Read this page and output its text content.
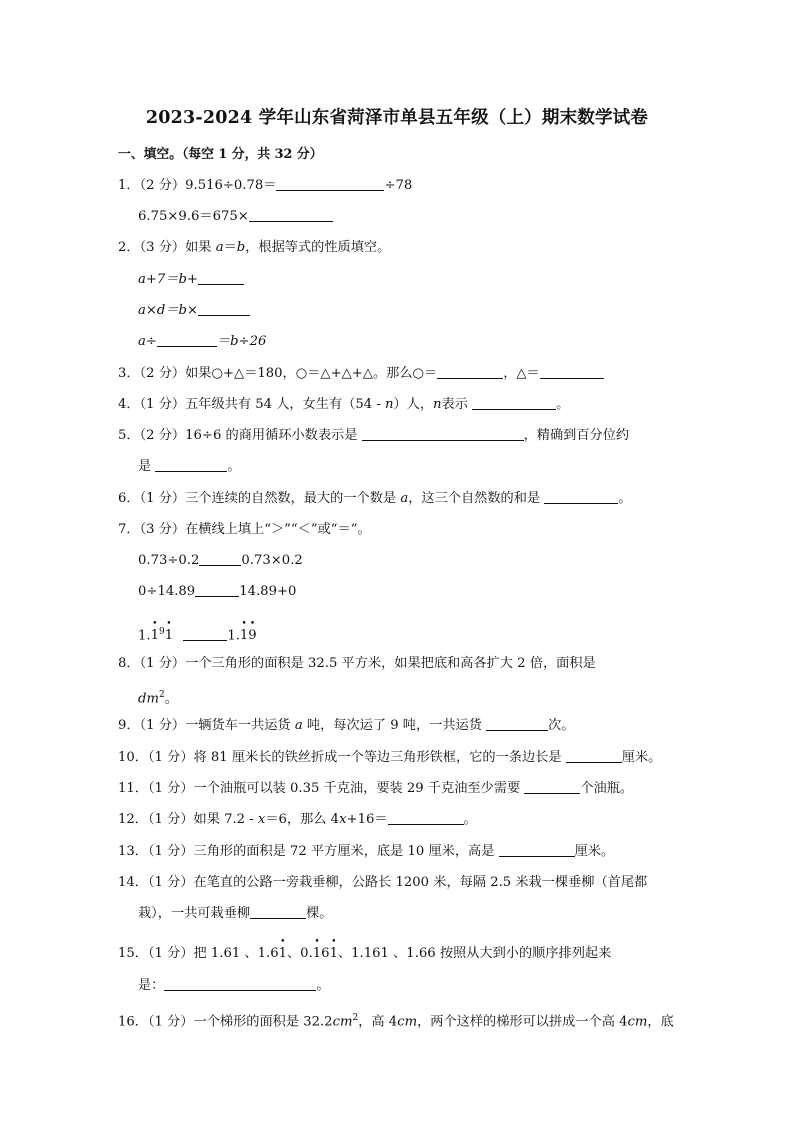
2023-2024 学年山东省菏泽市单县五年级（上）期末数学试卷
一、填空。（每空 1 分，共 32 分）
1．（2 分）9.516÷0.78＝	÷78
6.75×9.6＝675×
2．（3 分）如果 a＝b，根据等式的性质填空。
a+7＝b+
a×d＝b×
a÷	＝b÷26
3．（2 分）如果○+△＝180，○＝△+△+△。那么○＝	，△＝
4．（1 分）五年级共有 54 人，女生有（54 - n）人，n表示	。
5．（2 分）16÷6 的商用循环小数表示是	，精确到百分位约
是	。
6．（1 分）三个连续的自然数，最大的一个数是 a，这三个自然数的和是	。
7．（3 分）在横线上填上“＞”“＜”或“＝”。
0.73÷0.2	0.73×0.2
0÷14.89	14.89+0
1.• $1^9•$ 1	1.• 1• 9
8．（1 分）一个三角形的面积是 32.5 平方米，如果把底和高各扩大 2 倍，面积是
$dm^2$。
9．（1 分）一辆货车一共运货 a 吨，每次运了 9 吨，一共运货	次。
10．（1 分）将 81 厘米长的铁丝折成一个等边三角形铁框，它的一条边长是	厘米。
11．（1 分）一个油瓶可以装 0.35 千克油，要装 29 千克油至少需要	个油瓶。
12．（1 分）如果 7.2 - x＝6，那么 4x+16＝	。
13．（1 分）三角形的面积是 72 平方厘米，底是 10 厘米，高是	厘米。
14．（1 分）在笔直的公路一旁栽垂柳，公路长 1200 米，每隔 2.5 米栽一棵垂柳（首尾都
栽），一共可栽垂柳	棵。
15．（1 分）把 1.61 、1.6• 1、0.• 16• 1、1.161 、1.66 按照从大到小的顺序排列起来
是：	。
16．（1 分）一个梯形的面积是 $32.2cm^2$，高 4cm，两个这样的梯形可以拼成一个高 4cm，底
